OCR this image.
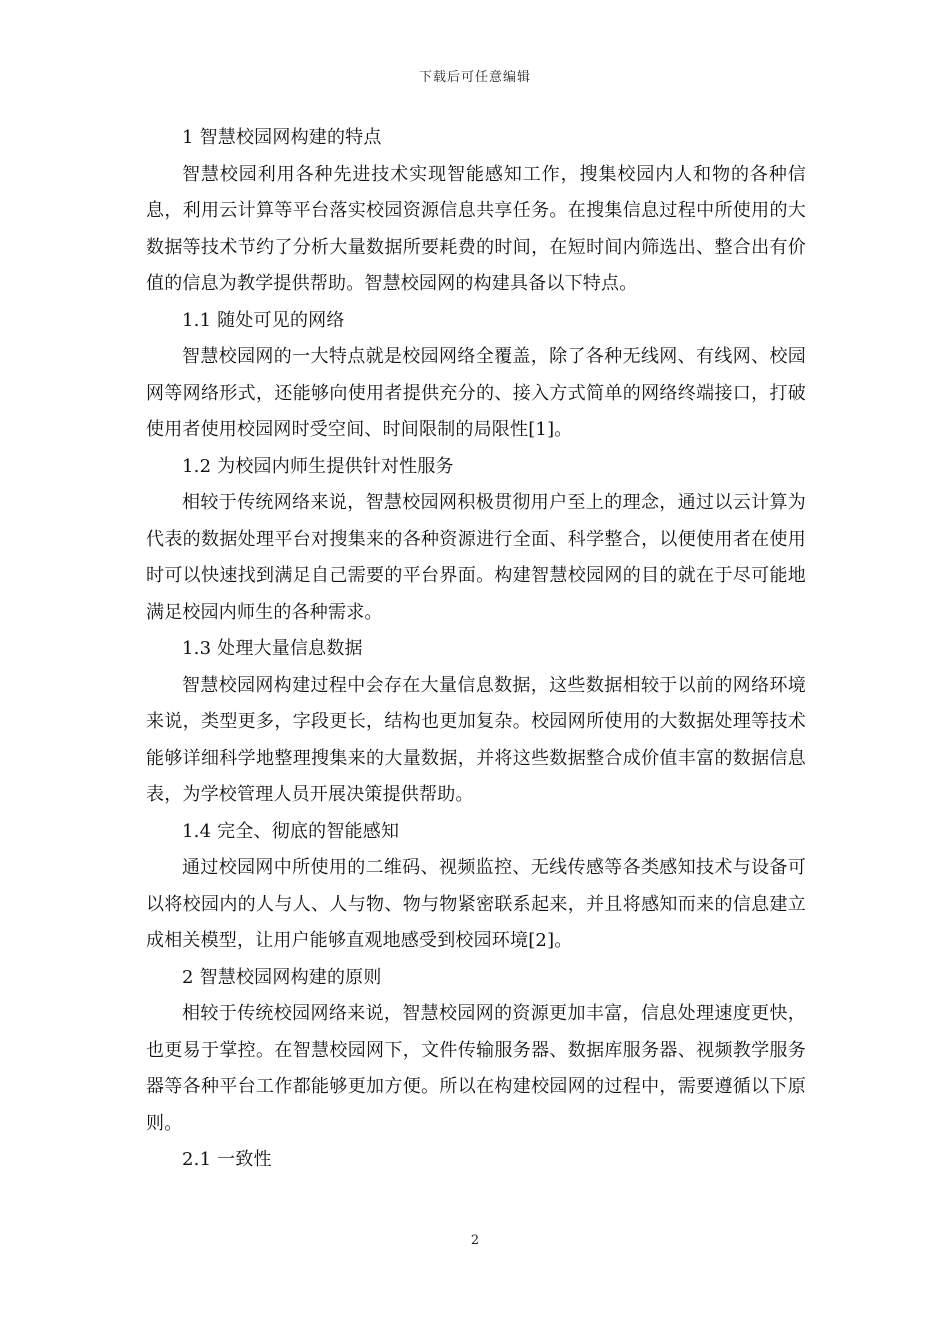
下载后可任意编辑

1 智慧校园网构建的特点

智慧校园利用各种先进技术实现智能感知工作，搜集校园内人和物的各种信息，利用云计算等平台落实校园资源信息共享任务。在搜集信息过程中所使用的大数据等技术节约了分析大量数据所要耗费的时间，在短时间内筛选出、整合出有价值的信息为教学提供帮助。智慧校园网的构建具备以下特点。

1.1 随处可见的网络

智慧校园网的一大特点就是校园网络全覆盖，除了各种无线网、有线网、校园网等网络形式，还能够向使用者提供充分的、接入方式简单的网络终端接口，打破使用者使用校园网时受空间、时间限制的局限性[1]。

1.2 为校园内师生提供针对性服务

相较于传统网络来说，智慧校园网积极贯彻用户至上的理念，通过以云计算为代表的数据处理平台对搜集来的各种资源进行全面、科学整合，以便使用者在使用时可以快速找到满足自己需要的平台界面。构建智慧校园网的目的就在于尽可能地满足校园内师生的各种需求。

1.3 处理大量信息数据

智慧校园网构建过程中会存在大量信息数据，这些数据相较于以前的网络环境来说，类型更多，字段更长，结构也更加复杂。校园网所使用的大数据处理等技术能够详细科学地整理搜集来的大量数据，并将这些数据整合成价值丰富的数据信息表，为学校管理人员开展决策提供帮助。

1.4 完全、彻底的智能感知

通过校园网中所使用的二维码、视频监控、无线传感等各类感知技术与设备可以将校园内的人与人、人与物、物与物紧密联系起来，并且将感知而来的信息建立成相关模型，让用户能够直观地感受到校园环境[2]。

2 智慧校园网构建的原则

相较于传统校园网络来说，智慧校园网的资源更加丰富，信息处理速度更快，也更易于掌控。在智慧校园网下，文件传输服务器、数据库服务器、视频教学服务器等各种平台工作都能够更加方便。所以在构建校园网的过程中，需要遵循以下原则。

2.1 一致性

2
